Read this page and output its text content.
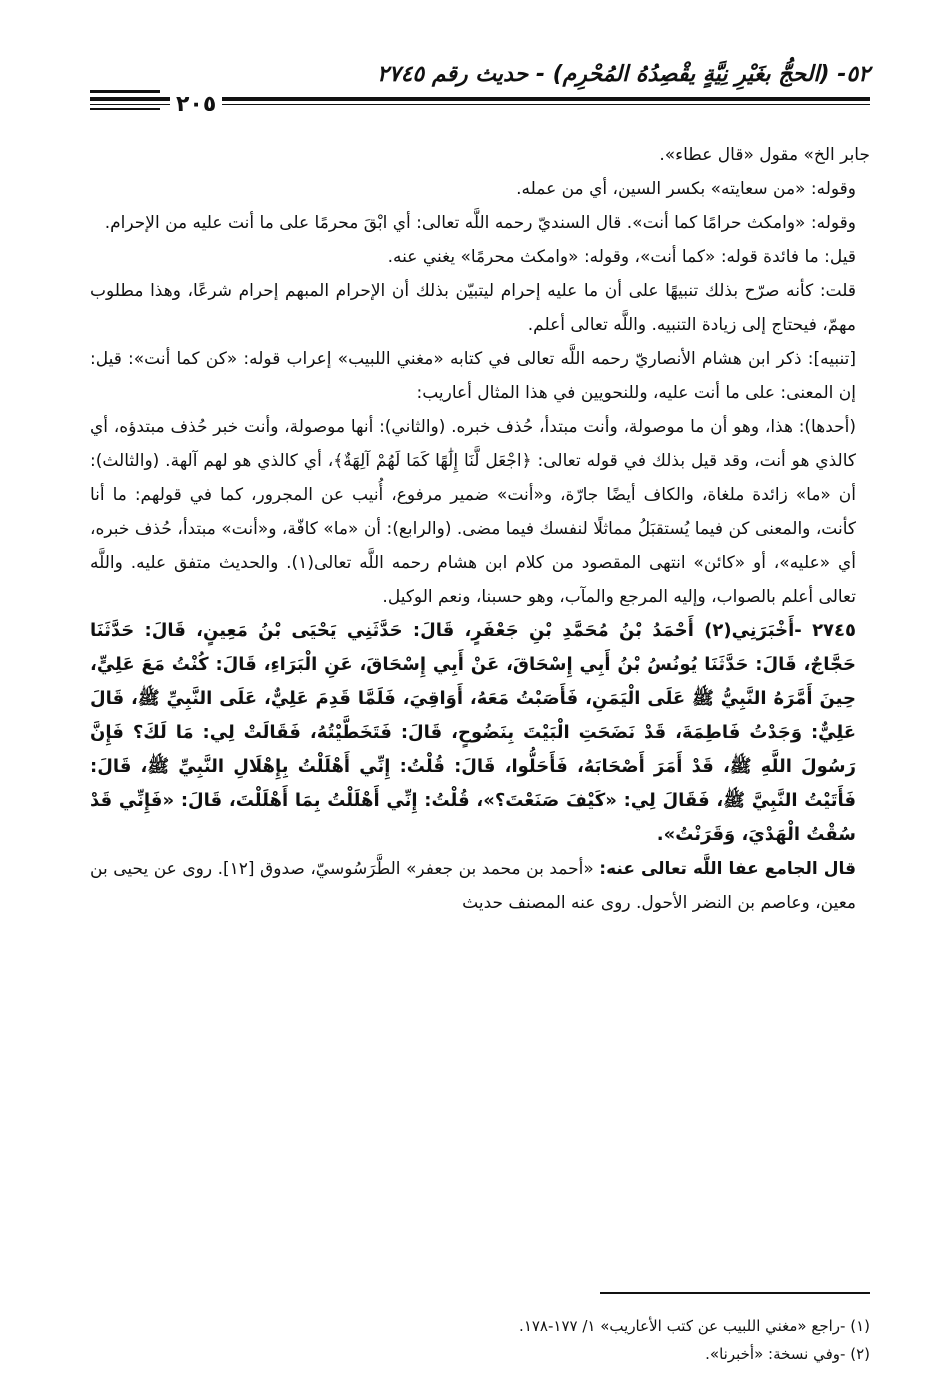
٥٢- (الحجُّ بغَيْرِ نِيَّةٍ يقْصِدُهُ المُحْرِم) - حديث رقم ٢٧٤٥
٢٠٥

جابر الخ» مقول «قال عطاء».

وقوله: «من سعايته» بكسر السين، أي من عمله.

وقوله: «وامكث حرامًا كما أنت». قال السنديّ رحمه اللَّه تعالى: أي ابْقَ محرمًا على ما أنت عليه من الإحرام.

قيل: ما فائدة قوله: «كما أنت»، وقوله: «وامكث محرمًا» يغني عنه.

قلت: كأنه صرّح بذلك تنبيهًا على أن ما عليه إحرام ليتبيّن بذلك أن الإحرام المبهم إحرام شرعًا، وهذا مطلوب مهمّ، فيحتاج إلى زيادة التنبيه. واللَّه تعالى أعلم.

[تنبيه]: ذكر ابن هشام الأنصاريّ رحمه اللَّه تعالى في كتابه «مغني اللبيب» إعراب قوله: «كن كما أنت»: قيل: إن المعنى: على ما أنت عليه، وللنحويين في هذا المثال أعاريب:

(أحدها): هذا، وهو أن ما موصولة، وأنت مبتدأ، حُذف خبره. (والثاني): أنها موصولة، وأنت خبر حُذف مبتدؤه، أي كالذي هو أنت، وقد قيل بذلك في قوله تعالى: ﴿اجْعَل لَّنَا إِلَٰهًا كَمَا لَهُمْ آلِهَةٌ﴾، أي كالذي هو لهم آلهة. (والثالث): أن «ما» زائدة ملغاة، والكاف أيضًا جارّة، و«أنت» ضمير مرفوع، أُنيب عن المجرور، كما في قولهم: ما أنا كأنت، والمعنى كن فيما يُستقبَلُ مماثلًا لنفسك فيما مضى. (والرابع): أن «ما» كافّة، و«أنت» مبتدأ، حُذف خبره، أي «عليه»، أو «كائن» انتهى المقصود من كلام ابن هشام رحمه اللَّه تعالى(١). والحديث متفق عليه. واللَّه تعالى أعلم بالصواب، وإليه المرجع والمآب، وهو حسبنا، ونعم الوكيل.

٢٧٤٥ -أَخْبَرَنِي(٢) أَحْمَدُ بْنُ مُحَمَّدِ بْنِ جَعْفَرٍ، قَالَ: حَدَّثَنِي يَحْيَى بْنُ مَعِينٍ، قَالَ: حَدَّثَنَا حَجَّاجٌ، قَالَ: حَدَّثَنَا يُونُسُ بْنُ أَبِي إِسْحَاقَ، عَنْ أَبِي إِسْحَاقَ، عَنِ الْبَرَاءِ، قَالَ: كُنْتُ مَعَ عَلِيٍّ، حِينَ أَمَّرَهُ النَّبِيُّ ﷺ عَلَى الْيَمَنِ، فَأَصَبْتُ مَعَهُ، أَوَاقِيَ، فَلَمَّا قَدِمَ عَلِيٌّ، عَلَى النَّبِيِّ ﷺ، قَالَ عَلِيٌّ: وَجَدْتُ فَاطِمَةَ، قَدْ نَضَحَتِ الْبَيْتَ بِنَضُوحٍ، قَالَ: فَتَخَطَّيْتُهُ، فَقَالَتْ لِي: مَا لَكَ؟ فَإِنَّ رَسُولَ اللَّهِ ﷺ، قَدْ أَمَرَ أَصْحَابَهُ، فَأَحَلُّوا، قَالَ: قُلْتُ: إِنِّي أَهْلَلْتُ بِإِهْلَالِ النَّبِيِّ ﷺ، قَالَ: فَأَتَيْتُ النَّبِيَّ ﷺ، فَقَالَ لِي: «كَيْفَ صَنَعْتَ؟»، قُلْتُ: إِنِّي أَهْلَلْتُ بِمَا أَهْلَلْتَ، قَالَ: «فَإِنِّي قَدْ سُقْتُ الْهَدْيَ، وَقَرَنْتُ».

قال الجامع عفا اللَّه تعالى عنه: «أحمد بن محمد بن جعفر» الطَّرَسُوسيّ، صدوق [١٢]. روى عن يحيى بن معين، وعاصم بن النضر الأحول. روى عنه المصنف حديث

(١) -راجع «مغني اللبيب عن كتب الأعاريب» ١/ ١٧٧-١٧٨.

(٢) -وفي نسخة: «أخبرنا».
